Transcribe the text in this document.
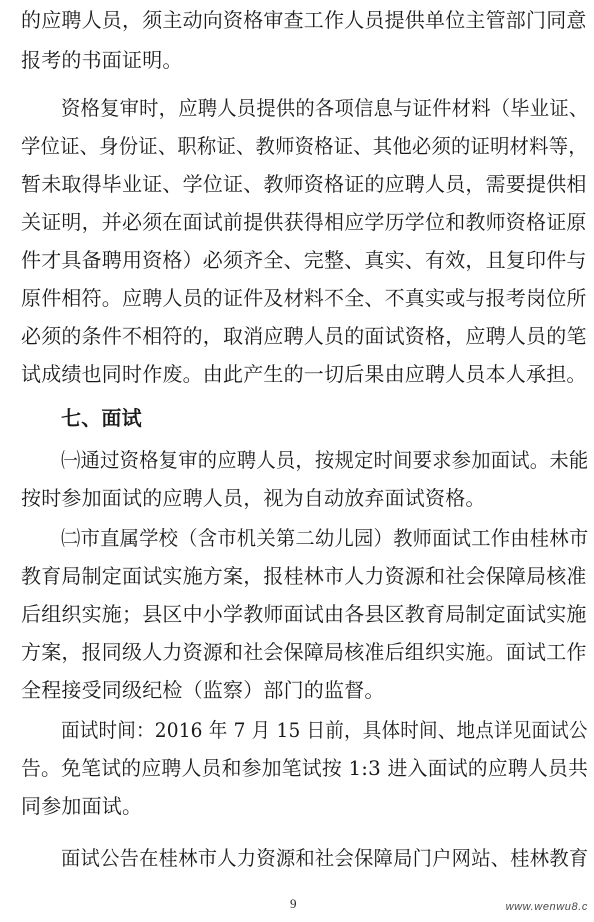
的应聘人员，须主动向资格审查工作人员提供单位主管部门同意
报考的书面证明。
资格复审时，应聘人员提供的各项信息与证件材料（毕业证、
学位证、身份证、职称证、教师资格证、其他必须的证明材料等，
暂未取得毕业证、学位证、教师资格证的应聘人员，需要提供相
关证明，并必须在面试前提供获得相应学历学位和教师资格证原
件才具备聘用资格）必须齐全、完整、真实、有效，且复印件与
原件相符。应聘人员的证件及材料不全、不真实或与报考岗位所
必须的条件不相符的，取消应聘人员的面试资格，应聘人员的笔
试成绩也同时作废。由此产生的一切后果由应聘人员本人承担。
七、面试
㈠通过资格复审的应聘人员，按规定时间要求参加面试。未能
按时参加面试的应聘人员，视为自动放弃面试资格。
㈡市直属学校（含市机关第二幼儿园）教师面试工作由桂林市
教育局制定面试实施方案，报桂林市人力资源和社会保障局核准
后组织实施；县区中小学教师面试由各县区教育局制定面试实施
方案，报同级人力资源和社会保障局核准后组织实施。面试工作
全程接受同级纪检（监察）部门的监督。
面试时间：2016 年 7 月 15 日前，具体时间、地点详见面试公
告。免笔试的应聘人员和参加笔试按 1:3 进入面试的应聘人员共
同参加面试。
面试公告在桂林市人力资源和社会保障局门户网站、桂林教育
9	www.wenwu8.c
